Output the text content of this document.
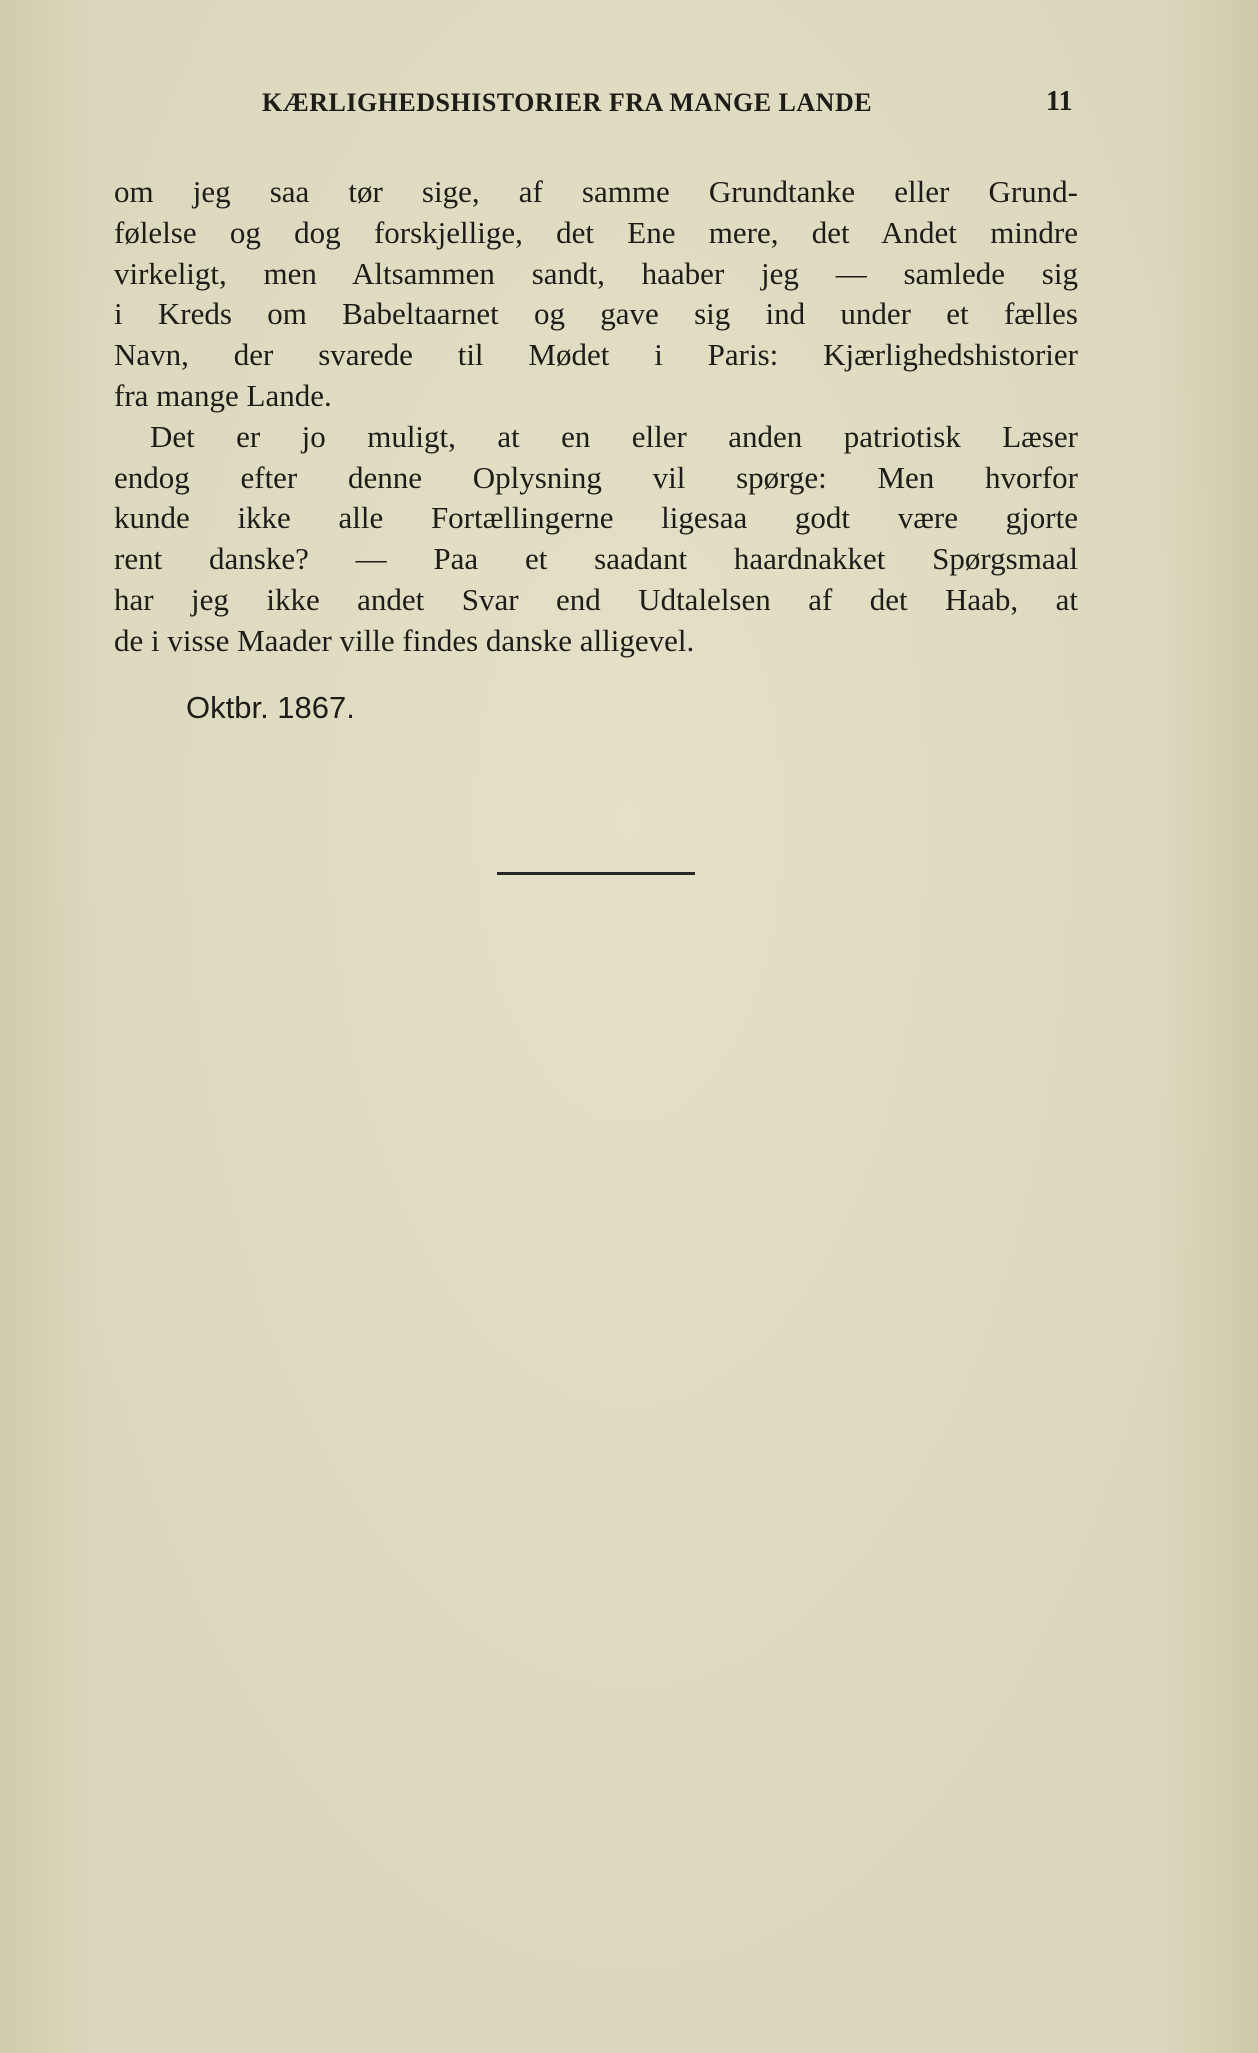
KÆRLIGHEDSHISTORIER FRA MANGE LANDE	11
om jeg saa tør sige, af samme Grundtanke eller Grund-
følelse og dog forskjellige, det Ene mere, det Andet mindre
virkeligt, men Altsammen sandt, haaber jeg — samlede sig
i Kreds om Babeltaarnet og gave sig ind under et fælles
Navn, der svarede til Mødet i Paris: Kjærlighedshistorier
fra mange Lande.
Det er jo muligt, at en eller anden patriotisk Læser
endog efter denne Oplysning vil spørge: Men hvorfor
kunde ikke alle Fortællingerne ligesaa godt være gjorte
rent danske? — Paa et saadant haardnakket Spørgsmaal
har jeg ikke andet Svar end Udtalelsen af det Haab, at
de i visse Maader ville findes danske alligevel.
Oktbr. 1867.
